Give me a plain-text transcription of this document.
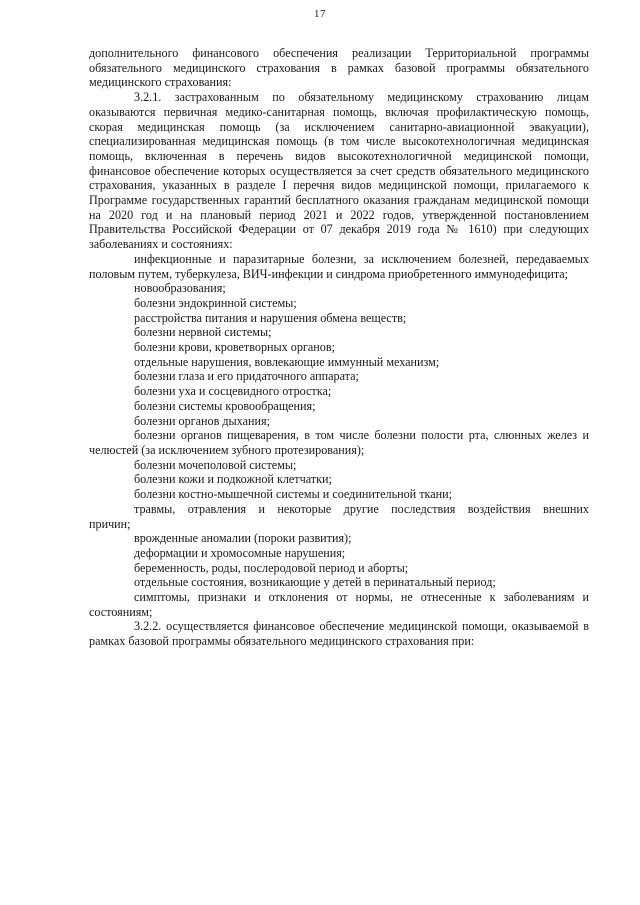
17

дополнительного финансового обеспечения реализации Территориальной программы обязательного медицинского страхования в рамках базовой программы обязательного медицинского страхования:

3.2.1. застрахованным по обязательному медицинскому страхованию лицам оказываются первичная медико-санитарная помощь, включая профилактическую помощь, скорая медицинская помощь (за исключением санитарно-авиационной эвакуации), специализированная медицинская помощь (в том числе высокотехнологичная медицинская помощь, включенная в перечень видов высокотехнологичной медицинской помощи, финансовое обеспечение которых осуществляется за счет средств обязательного медицинского страхования, указанных в разделе I перечня видов медицинской помощи, прилагаемого к Программе государственных гарантий бесплатного оказания гражданам медицинской помощи на 2020 год и на плановый период 2021 и 2022 годов, утвержденной постановлением Правительства Российской Федерации от 07 декабря 2019 года № 1610) при следующих заболеваниях и состояниях:

инфекционные и паразитарные болезни, за исключением болезней, передаваемых половым путем, туберкулеза, ВИЧ-инфекции и синдрома приобретенного иммунодефицита;

новообразования;

болезни эндокринной системы;

расстройства питания и нарушения обмена веществ;

болезни нервной системы;

болезни крови, кроветворных органов;

отдельные нарушения, вовлекающие иммунный механизм;

болезни глаза и его придаточного аппарата;

болезни уха и сосцевидного отростка;

болезни системы кровообращения;

болезни органов дыхания;

болезни органов пищеварения, в том числе болезни полости рта, слюнных желез и челюстей (за исключением зубного протезирования);

болезни мочеполовой системы;

болезни кожи и подкожной клетчатки;

болезни костно-мышечной системы и соединительной ткани;

травмы, отравления и некоторые другие последствия воздействия внешних причин;

врожденные аномалии (пороки развития);

деформации и хромосомные нарушения;

беременность, роды, послеродовой период и аборты;

отдельные состояния, возникающие у детей в перинатальный период;

симптомы, признаки и отклонения от нормы, не отнесенные к заболеваниям и состояниям;

3.2.2. осуществляется финансовое обеспечение медицинской помощи, оказываемой в рамках базовой программы обязательного медицинского страхования при:
